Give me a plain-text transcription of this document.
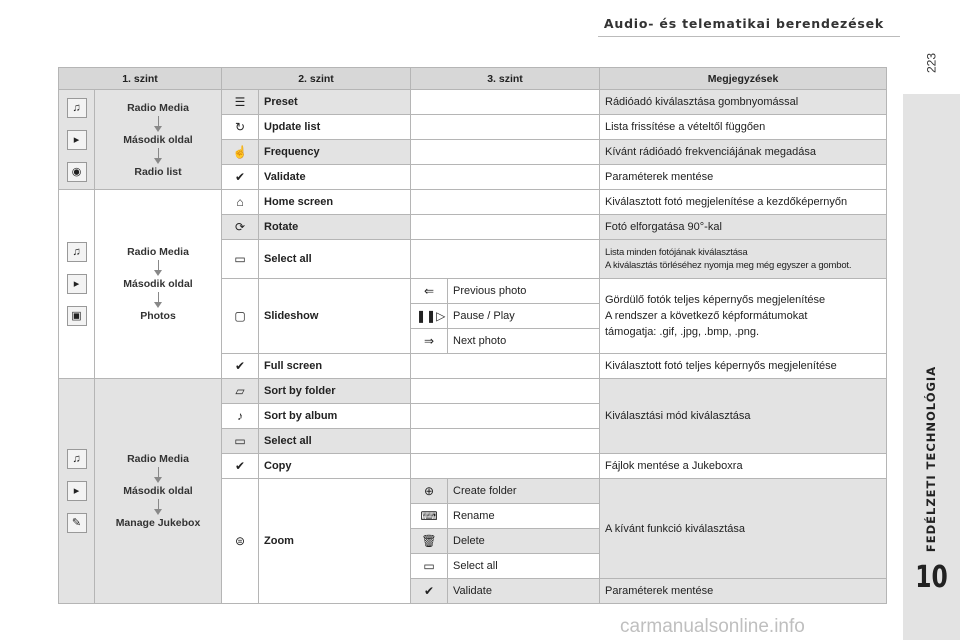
Audio- és telematikai berendezések
223
FEDÉLZETI TECHNOLÓGIA
10
1. szint		2. szint		3. szint		Megjegyzések
♫
▸
◉	Radio Media
Második oldal
Radio list	☰	Preset			Rádióadó kiválasztása gombnyomással
		↻	Update list			Lista frissítése a vételtől függően
		☝	Frequency			Kívánt rádióadó frekvenciájának megadása
		✔	Validate			Paraméterek mentése
♫
▸
▣	Radio Media
Második oldal
Photos	⌂	Home screen			Kiválasztott fotó megjelenítése a kezdőképernyőn
		⟳	Rotate			Fotó elforgatása 90°-kal
		▭	Select all			Lista minden fotójának kiválasztása
A kiválasztás törléséhez nyomja meg még egyszer a gombot.

		▢	Slideshow	⇐	Previous photo	Gördülő fotók teljes képernyős megjelenítése
A rendszer a következő képformátumokat
támogatja: .gif, .jpg, .bmp, .png.

				❚❚▷	Pause / Play	
				⇒	Next photo	
		✔	Full screen			Kiválasztott fotó teljes képernyős megjelenítése
♫
▸
✎	Radio Media
Második oldal
Manage Jukebox	▱	Sort by folder			Kiválasztási mód kiválasztása
		♪	Sort by album			
		▭	Select all			
		✔	Copy			Fájlok mentése a Jukeboxra
		⊜	Zoom	⊕	Create folder	A kívánt funkció kiválasztása
				⌨	Rename	
				🗑	Delete	
				▭	Select all	
				✔	Validate	Paraméterek mentése
carmanualsonline.info
